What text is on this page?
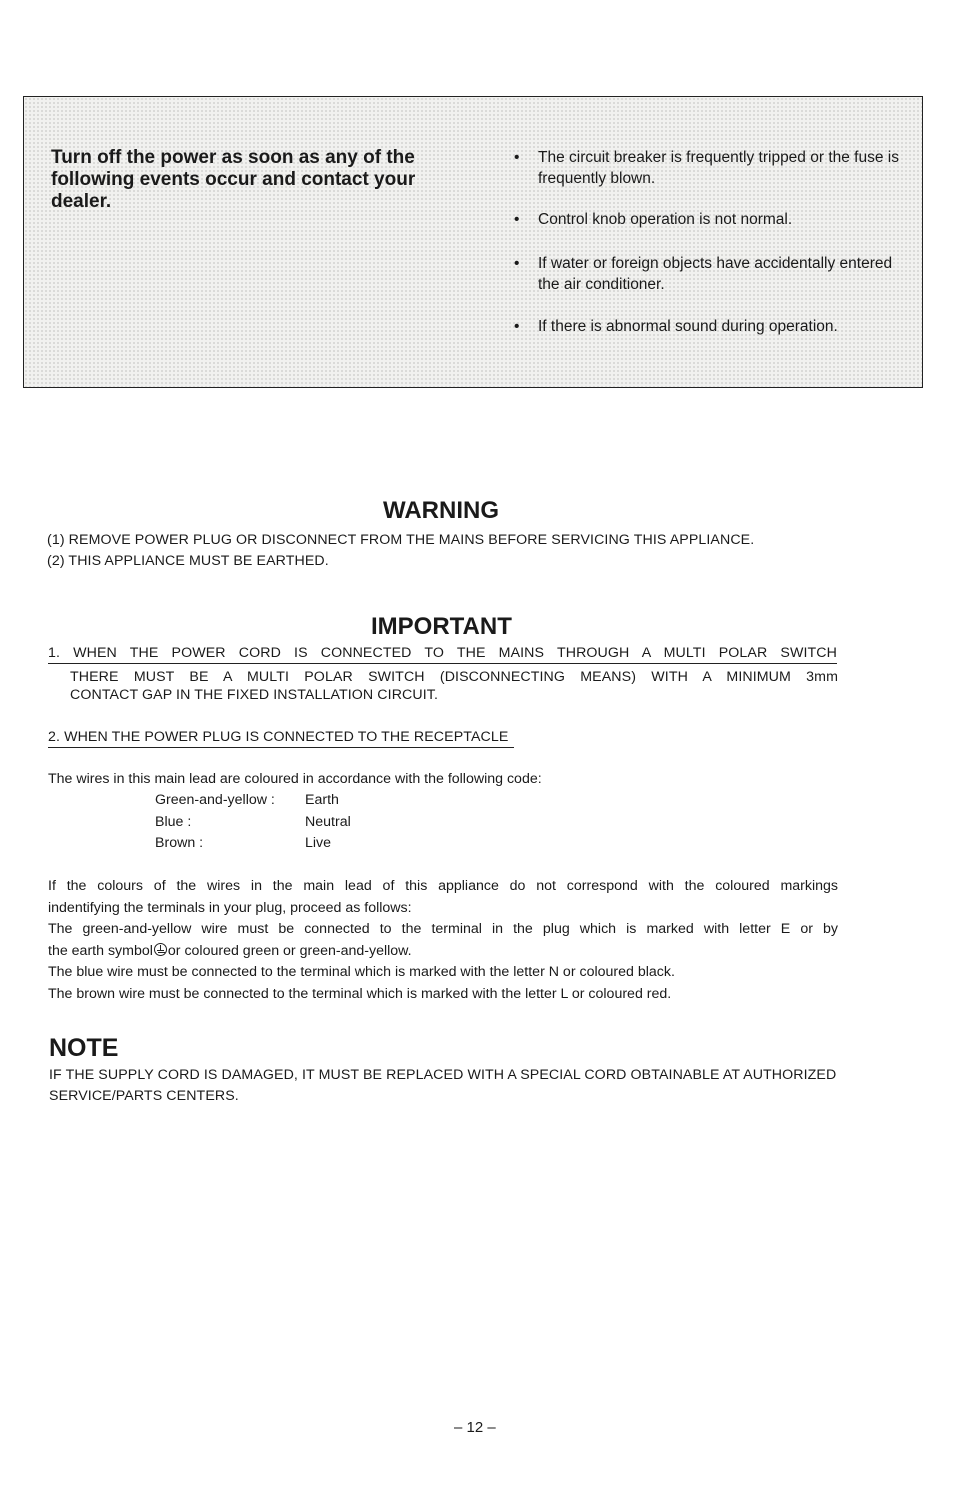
Turn off the power as soon as any of the following events occur and contact your dealer.

• The circuit breaker is frequently tripped or the fuse is frequently blown.
• Control knob operation is not normal.
• If water or foreign objects have accidentally entered the air conditioner.
• If there is abnormal sound during operation.
WARNING
(1) REMOVE POWER PLUG OR DISCONNECT FROM THE MAINS BEFORE SERVICING THIS APPLIANCE.
(2) THIS APPLIANCE MUST BE EARTHED.
IMPORTANT

1. WHEN THE POWER CORD IS CONNECTED TO THE MAINS THROUGH A MULTI POLAR SWITCH

THERE MUST BE A MULTI POLAR SWITCH (DISCONNECTING MEANS) WITH A MINIMUM 3mm

CONTACT GAP IN THE FIXED INSTALLATION CIRCUIT.

2. WHEN THE POWER PLUG IS CONNECTED TO THE RECEPTACLE

The wires in this main lead are coloured in accordance with the following code:

Green-and-yellow : Earth
Blue :	Neutral
Brown :	Live

If the colours of the wires in the main lead of this appliance do not correspond with the coloured markings

indentifying the terminals in your plug, proceed as follows:

The green-and-yellow wire must be connected to the terminal in the plug which is marked with letter E or by

the earth symbol or coloured green or green-and-yellow.

The blue wire must be connected to the terminal which is marked with the letter N or coloured black.

The brown wire must be connected to the terminal which is marked with the letter L or coloured red.

NOTE

IF THE SUPPLY CORD IS DAMAGED, IT MUST BE REPLACED WITH A SPECIAL CORD OBTAINABLE AT AUTHORIZED SERVICE/PARTS CENTERS.

– 12 –
